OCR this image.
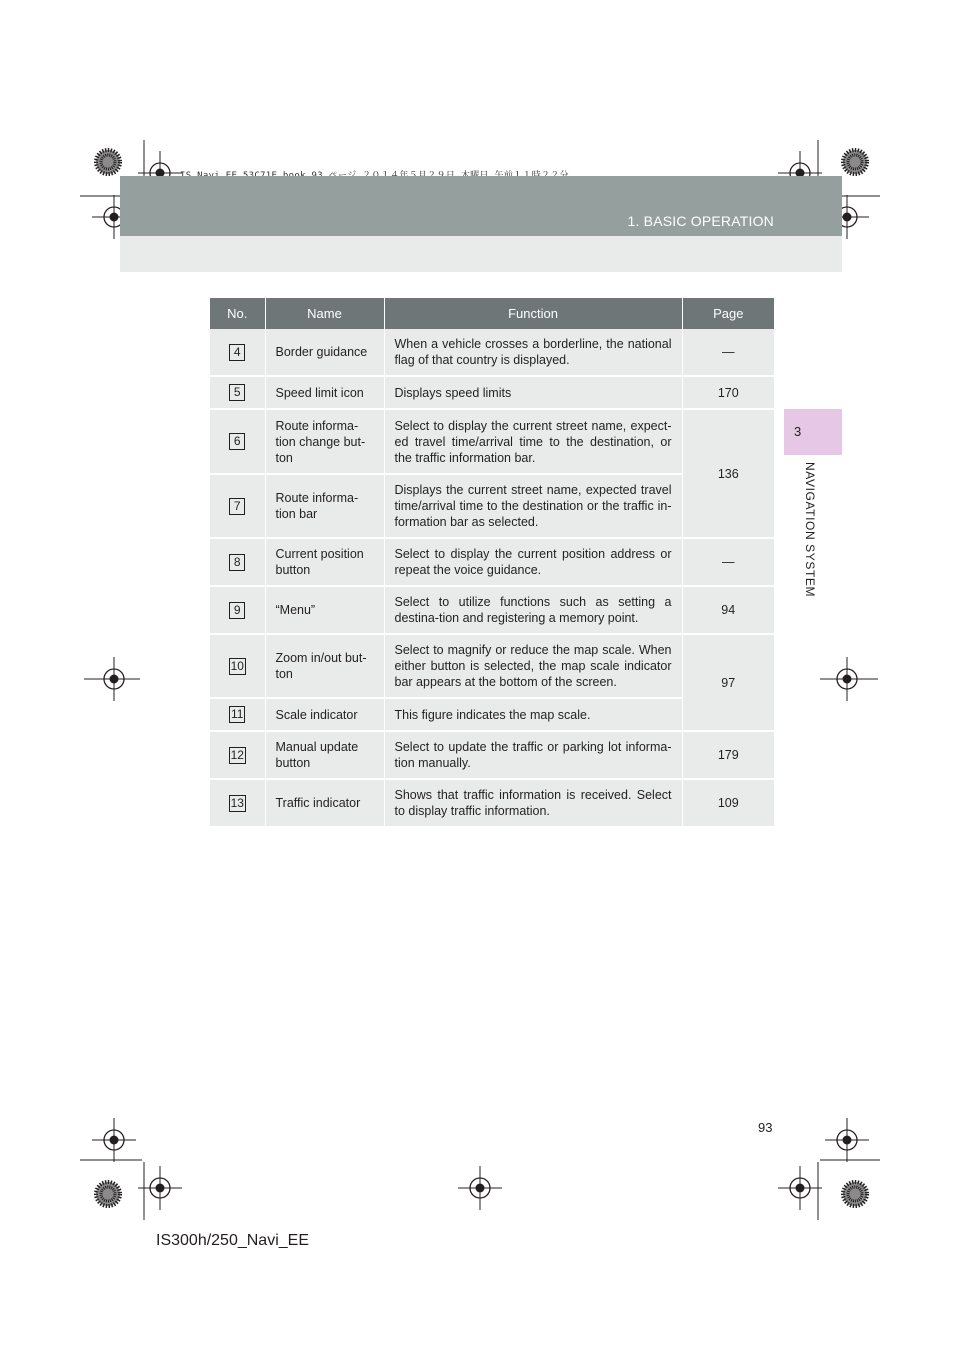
1. BASIC OPERATION
3
NAVIGATION SYSTEM
No.	Name	Function	Page
4	Border guidance	When a vehicle crosses a borderline, the national flag of that country is displayed.	—
5	Speed limit icon	Displays speed limits	170
6	Route informa-tion change but-ton	Select to display the current street name, expect-ed travel time/arrival time to the destination, or the traffic information bar.	136
7	Route informa-tion bar	Displays the current street name, expected travel time/arrival time to the destination or the traffic in-formation bar as selected.	
8	Current position button	Select to display the current position address or repeat the voice guidance.	—
9	“Menu”	Select to utilize functions such as setting a destina-tion and registering a memory point.	94
10	Zoom in/out but-ton	Select to magnify or reduce the map scale. When either button is selected, the map scale indicator bar appears at the bottom of the screen.	97
11	Scale indicator	This figure indicates the map scale.	
12	Manual update button	Select to update the traffic or parking lot informa-tion manually.	179
13	Traffic indicator	Shows that traffic information is received. Select to display traffic information.	109
93
IS300h/250_Navi_EE
